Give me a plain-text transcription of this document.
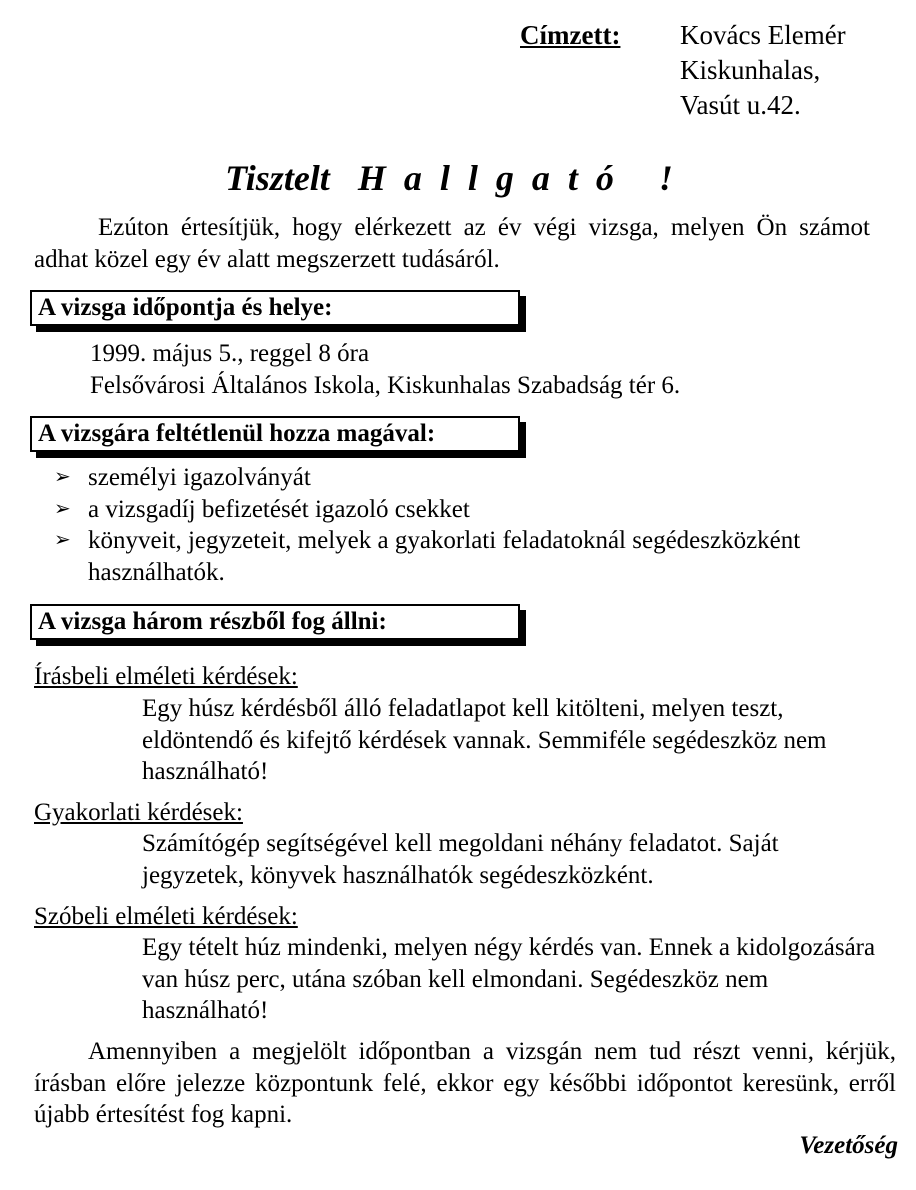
Címzett:	Kovács Elemér
Kiskunhalas,
Vasút u.42.
Tisztelt Hallgató !
Ezúton értesítjük, hogy elérkezett az év végi vizsga, melyen Ön számot adhat közel egy év alatt megszerzett tudásáról.
A vizsga időpontja és helye:
1999. május 5., reggel 8 óra
Felsővárosi Általános Iskola, Kiskunhalas Szabadság tér 6.
A vizsgára feltétlenül hozza magával:
➢ személyi igazolványát
➢ a vizsgadíj befizetését igazoló csekket
➢ könyveit, jegyzeteit, melyek a gyakorlati feladatoknál segédeszközként használhatók.
A vizsga három részből fog állni:
Írásbeli elméleti kérdések:
Egy húsz kérdésből álló feladatlapot kell kitölteni, melyen teszt, eldöntendő és kifejtő kérdések vannak. Semmiféle segédeszköz nem használható!
Gyakorlati kérdések:
Számítógép segítségével kell megoldani néhány feladatot. Saját jegyzetek, könyvek használhatók segédeszközként.
Szóbeli elméleti kérdések:
Egy tételt húz mindenki, melyen négy kérdés van. Ennek a kidolgozására van húsz perc, utána szóban kell elmondani. Segédeszköz nem használható!
Amennyiben a megjelölt időpontban a vizsgán nem tud részt venni, kérjük, írásban előre jelezze központunk felé, ekkor egy későbbi időpontot keresünk, erről újabb értesítést fog kapni.
Vezetőség
